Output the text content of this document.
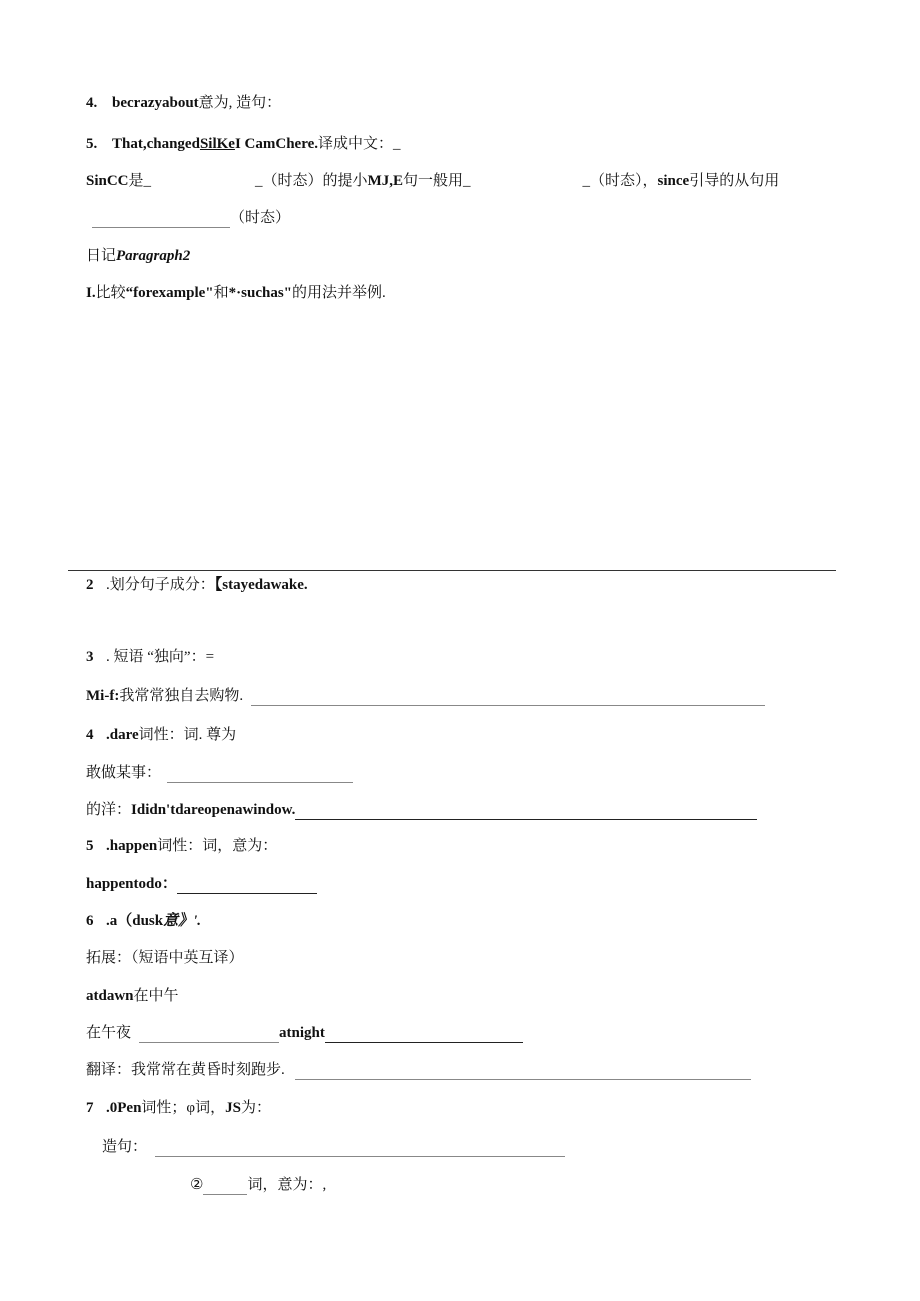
4. becrazyabout意为, 造句：
5. That,changedSilKeI CamChere.译成中文：_
SinCC是_	_（时态）的提小MJ,E句一般用_	_（时态），since引导的从句用
（时态）
日记Paragraph2
I.比较“forexample"和*·suchas"的用法并举例.
2 .划分句子成分：【stayedawake.
3 . 短语 “独向”：=
Mi-f:我常常独自去购物.
4 .dare词性：词. 尊为
敢做某事：
的洋：Ididn'tdareopenawindow.
5 .happen词性：词，意为：
happentodo：
6 .a（dusk意》'.
拓展：（短语中英互译）
atdawn在中午
在午夜	atnight
翻译：我常常在黄昏时刻跑步.
7 .0Pen词性；φ词，JS为：
造句：
②	词，意为：,
